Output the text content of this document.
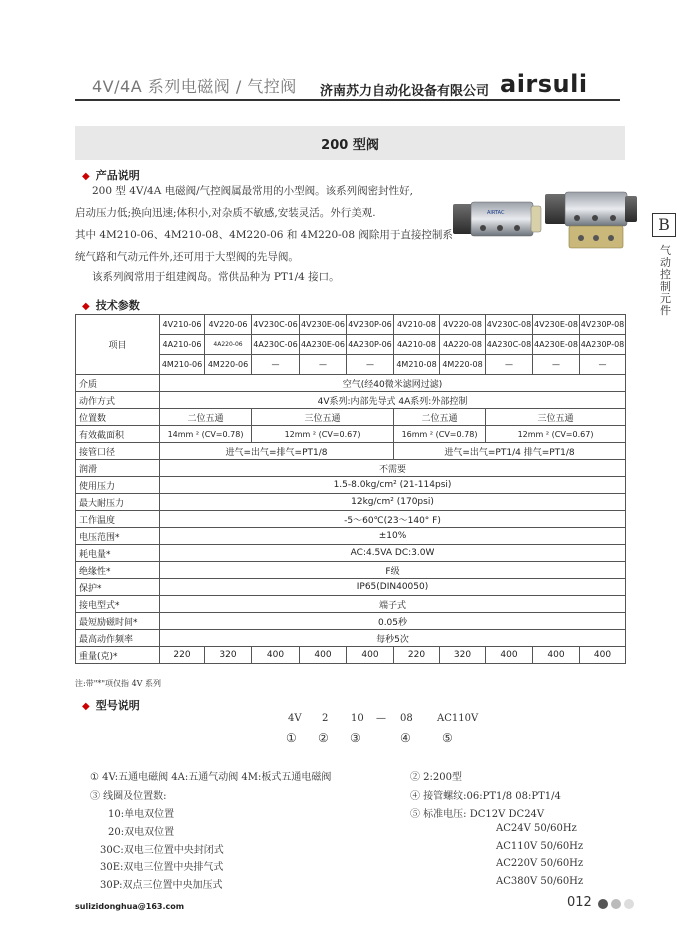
4V/4A 系列电磁阀 / 气控阀 济南苏力自动化设备有限公司 airsuli
200 型阀
◆ 产品说明
200 型 4V/4A 电磁阀/气控阀属最常用的小型阀。该系列阀密封性好,
启动压力低;换向迅速;体积小,对杂质不敏感,安装灵活。外行美观.
其中 4M210-06、4M210-08、4M220-06 和 4M220-08 阀除用于直接控制系
统气路和气动元件外,还可用于大型阀的先导阀。
该系列阀常用于组建阀岛。常供品种为 PT1/4 接口。
AIRTAC
B
气动控制元件
◆ 技术参数
项目	4V210-06	4V220-06	4V230C-06	4V230E-06	4V230P-06	4V210-08	4V220-08	4V230C-08	4V230E-08	4V230P-08
	4A210-06	4A220-06	4A230C-06	4A230E-06	4A230P-06	4A210-08	4A220-08	4A230C-08	4A230E-08	4A230P-08
	4M210-06	4M220-06	—	—	—	4M210-08	4M220-08	—	—	—
介质	空气(经40微米滤网过滤)									
动作方式	4V系列:内部先导式 4A系列:外部控制									
位置数	二位五通		三位五通			二位五通		三位五通		
有效截面积	14mm ² (CV=0.78)		12mm ² (CV=0.67)			16mm ² (CV=0.78)		12mm ² (CV=0.67)		
接管口径	进气=出气=排气=PT1/8					进气=出气=PT1/4 排气=PT1/8				
润滑	不需要									
使用压力	1.5-8.0kg/cm² (21-114psi)									
最大耐压力	12kg/cm² (170psi)									
工作温度	-5～60℃(23～140° F)									
电压范围*	±10%									
耗电量*	AC:4.5VA DC:3.0W									
绝缘性*	F级									
保护*	IP65(DIN40050)									
接电型式*	端子式									
最短励磁时间*	0.05秒									
最高动作频率	每秒5次									
重量(克)*	220	320	400	400	400	220	320	400	400	400
注:带"*"项仅指 4V 系列
◆ 型号说明
4V 2 10 — 08 AC110V
① ② ③	④	⑤
① 4V:五通电磁阀 4A:五通气动阀 4M:板式五通电磁阀	② 2:200型
③ 线圈及位置数:	④ 接管螺纹:06:PT1/8 08:PT1/4
10:单电双位置	⑤ 标准电压: DC12V DC24V
20:双电双位置	AC24V 50/60Hz
30C:双电三位置中央封闭式	AC110V 50/60Hz
30E:双电三位置中央排气式	AC220V 50/60Hz
30P:双点三位置中央加压式	AC380V 50/60Hz
sulizidonghua@163.com	012
